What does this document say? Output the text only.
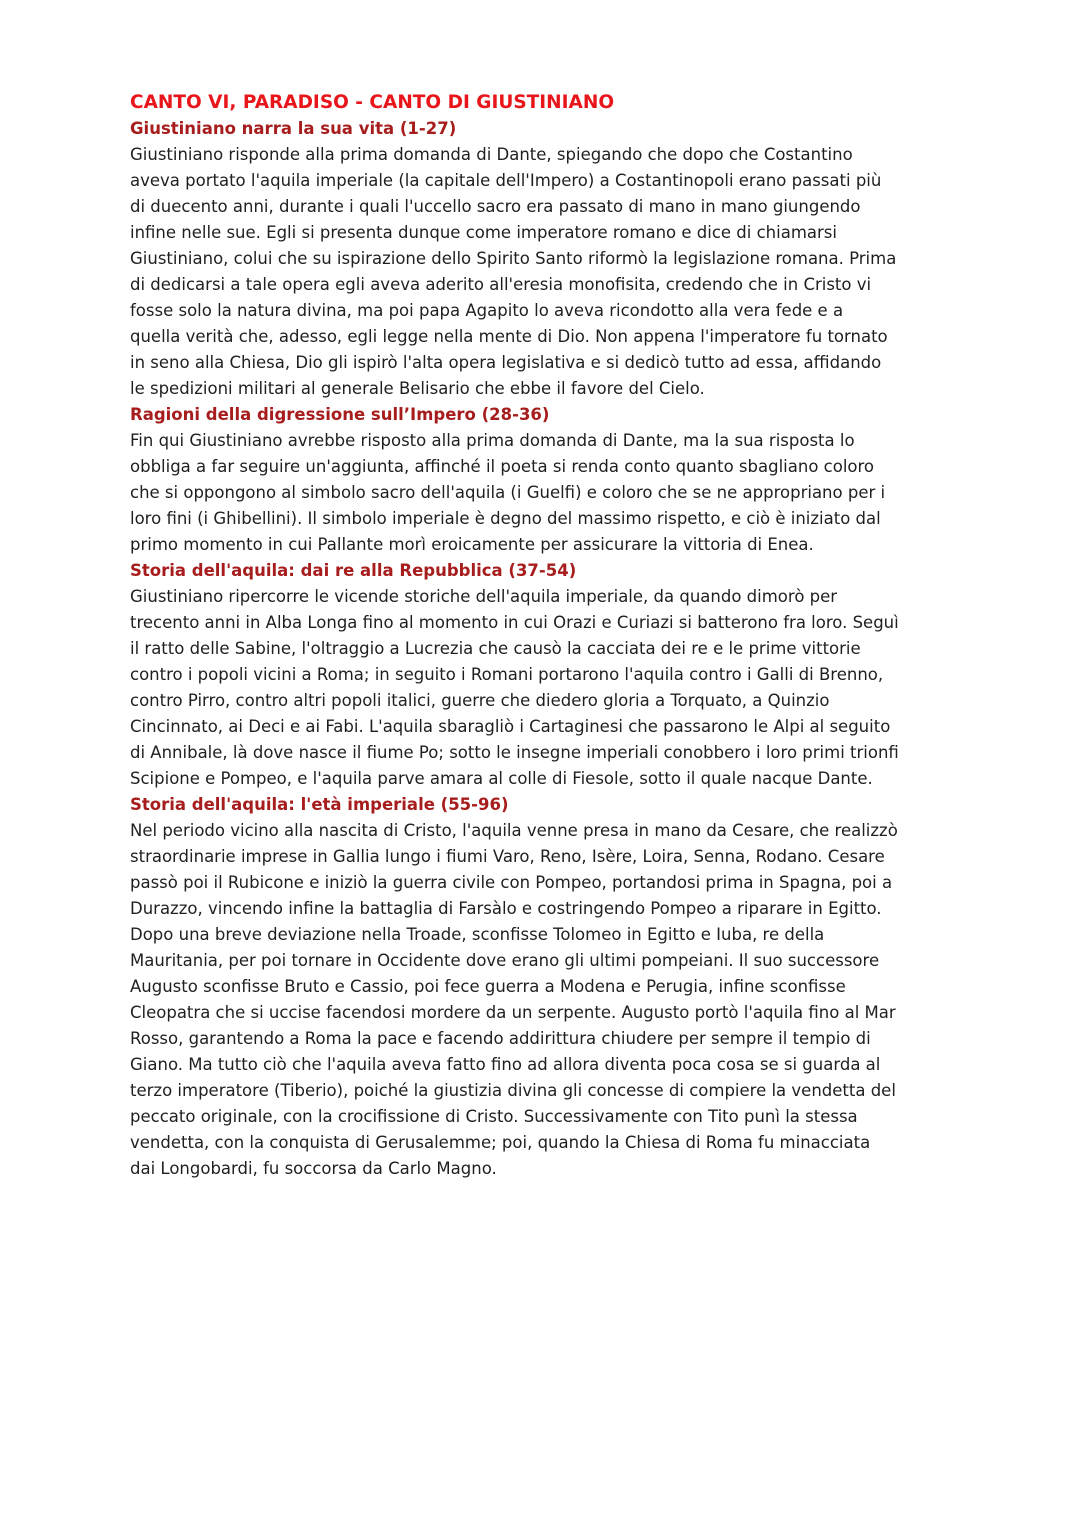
CANTO VI, PARADISO - CANTO DI GIUSTINIANO
Giustiniano narra la sua vita (1-27)

Giustiniano risponde alla prima domanda di Dante, spiegando che dopo che Costantino
aveva portato l'aquila imperiale (la capitale dell'Impero) a Costantinopoli erano passati più
di duecento anni, durante i quali l'uccello sacro era passato di mano in mano giungendo
infine nelle sue. Egli si presenta dunque come imperatore romano e dice di chiamarsi
Giustiniano, colui che su ispirazione dello Spirito Santo riformò la legislazione romana. Prima
di dedicarsi a tale opera egli aveva aderito all'eresia monofisita, credendo che in Cristo vi
fosse solo la natura divina, ma poi papa Agapito lo aveva ricondotto alla vera fede e a
quella verità che, adesso, egli legge nella mente di Dio. Non appena l'imperatore fu tornato
in seno alla Chiesa, Dio gli ispirò l'alta opera legislativa e si dedicò tutto ad essa, affidando
le spedizioni militari al generale Belisario che ebbe il favore del Cielo.

Ragioni della digressione sull’Impero (28-36)

Fin qui Giustiniano avrebbe risposto alla prima domanda di Dante, ma la sua risposta lo
obbliga a far seguire un'aggiunta, affinché il poeta si renda conto quanto sbagliano coloro
che si oppongono al simbolo sacro dell'aquila (i Guelfi) e coloro che se ne appropriano per i
loro fini (i Ghibellini). Il simbolo imperiale è degno del massimo rispetto, e ciò è iniziato dal
primo momento in cui Pallante morì eroicamente per assicurare la vittoria di Enea.

Storia dell'aquila: dai re alla Repubblica (37-54)

Giustiniano ripercorre le vicende storiche dell'aquila imperiale, da quando dimorò per
trecento anni in Alba Longa fino al momento in cui Orazi e Curiazi si batterono fra loro. Seguì
il ratto delle Sabine, l'oltraggio a Lucrezia che causò la cacciata dei re e le prime vittorie
contro i popoli vicini a Roma; in seguito i Romani portarono l'aquila contro i Galli di Brenno,
contro Pirro, contro altri popoli italici, guerre che diedero gloria a Torquato, a Quinzio
Cincinnato, ai Deci e ai Fabi. L'aquila sbaragliò i Cartaginesi che passarono le Alpi al seguito
di Annibale, là dove nasce il fiume Po; sotto le insegne imperiali conobbero i loro primi trionfi
Scipione e Pompeo, e l'aquila parve amara al colle di Fiesole, sotto il quale nacque Dante.

Storia dell'aquila: l'età imperiale (55-96)

Nel periodo vicino alla nascita di Cristo, l'aquila venne presa in mano da Cesare, che realizzò
straordinarie imprese in Gallia lungo i fiumi Varo, Reno, Isère, Loira, Senna, Rodano. Cesare
passò poi il Rubicone e iniziò la guerra civile con Pompeo, portandosi prima in Spagna, poi a
Durazzo, vincendo infine la battaglia di Farsàlo e costringendo Pompeo a riparare in Egitto.
Dopo una breve deviazione nella Troade, sconfisse Tolomeo in Egitto e Iuba, re della
Mauritania, per poi tornare in Occidente dove erano gli ultimi pompeiani. Il suo successore
Augusto sconfisse Bruto e Cassio, poi fece guerra a Modena e Perugia, infine sconfisse
Cleopatra che si uccise facendosi mordere da un serpente. Augusto portò l'aquila fino al Mar
Rosso, garantendo a Roma la pace e facendo addirittura chiudere per sempre il tempio di
Giano. Ma tutto ciò che l'aquila aveva fatto fino ad allora diventa poca cosa se si guarda al
terzo imperatore (Tiberio), poiché la giustizia divina gli concesse di compiere la vendetta del
peccato originale, con la crocifissione di Cristo. Successivamente con Tito punì la stessa
vendetta, con la conquista di Gerusalemme; poi, quando la Chiesa di Roma fu minacciata
dai Longobardi, fu soccorsa da Carlo Magno.
